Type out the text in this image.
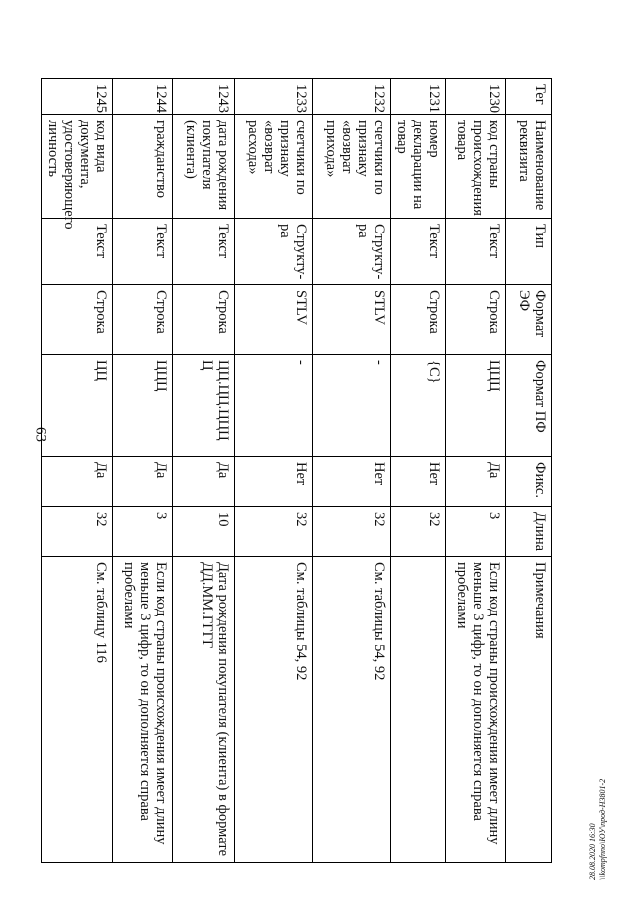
63
28.08.2020 16:30 \\kompfnno\ЮУ\прод-Н3801-2
Тег	Наименование реквизита	Тип	Формат ЭФ	Формат ПФ	Фикс.	Длина	Примечания
1230	код страны происхождения товара	Текст	Строка	ЦЦЦ	Да	3	Если код страны происхождения имеет длину меньше 3 цифр, то он дополняется справа пробелами
1231	номер декларации на товар	Текст	Строка	{С}	Нет	32	
1232	счетчики по признаку «возврат прихода»	Структу-ра	STLV	-	Нет	32	См. таблицы 54, 92
1233	счетчики по признаку «возврат расхода»	Структу-ра	STLV	-	Нет	32	См. таблицы 54, 92
1243	дата рождения покупателя (клиента)	Текст	Строка	ЦЦ.ЦЦ.ЦЦЦЦ	Да	10	Дата рождения покупателя (клиента) в формате ДД.ММ.ГГГГ
1244	гражданство	Текст	Строка	ЦЦЦ	Да	3	Если код страны происхождения имеет длину меньше 3 цифр, то он дополняется справа пробелами
1245	код вида документа, удостоверяющего личность	Текст	Строка	ЦЦ	Да	32	См. таблицу 116
